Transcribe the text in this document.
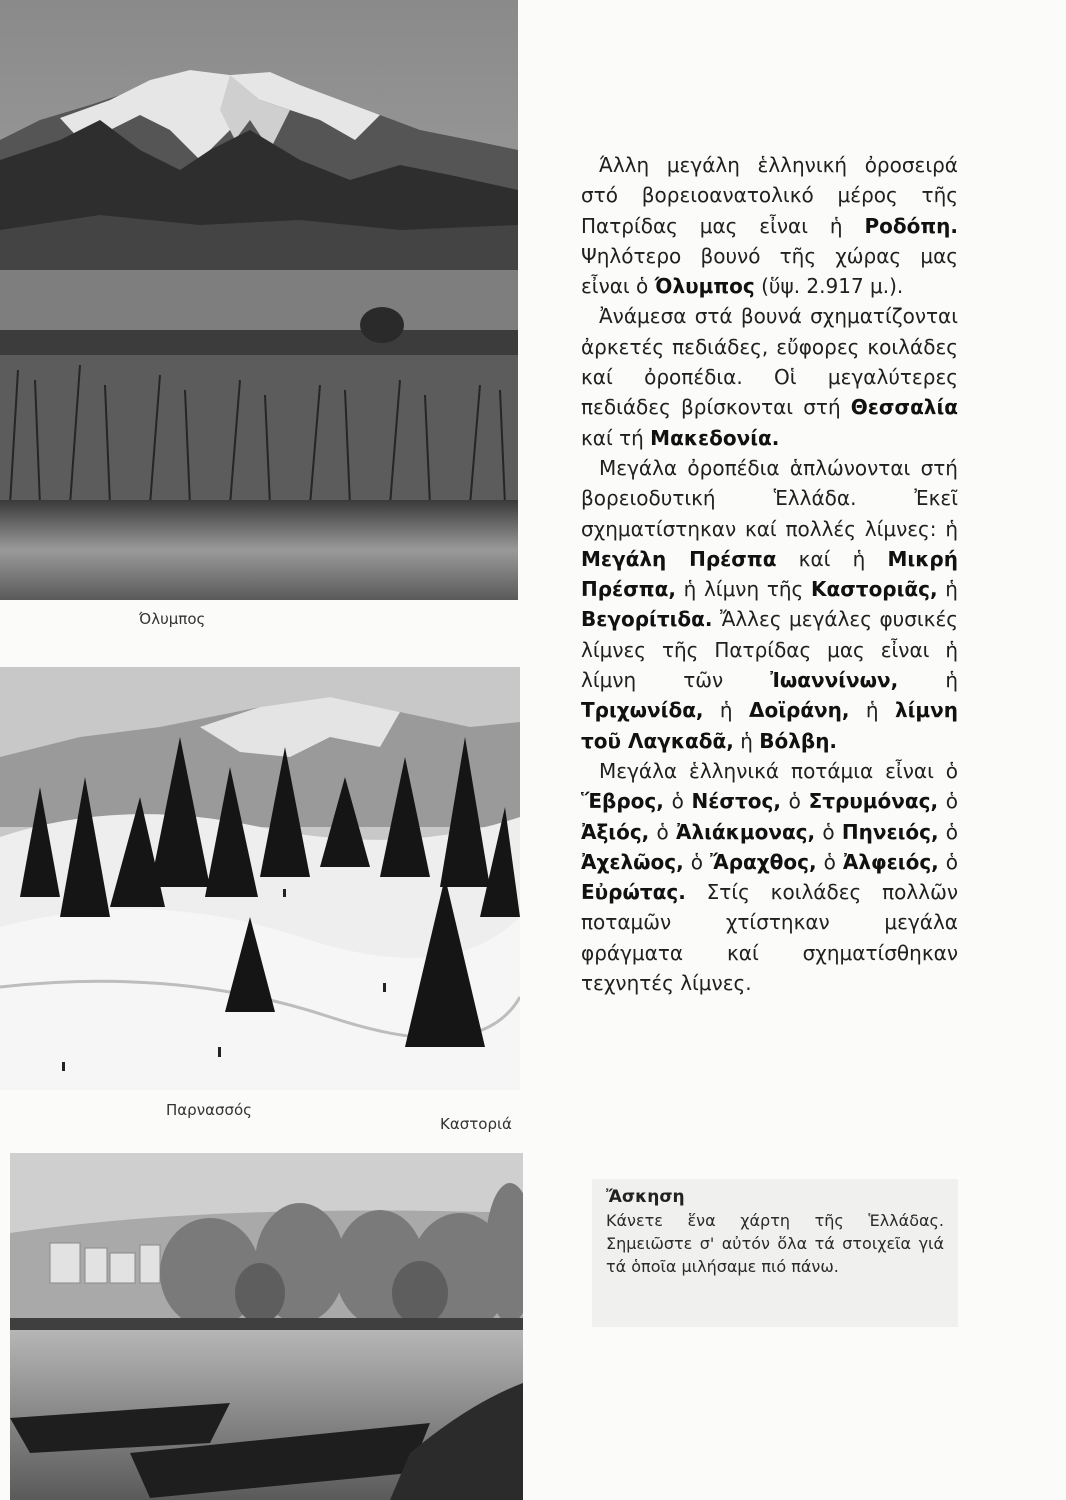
Όλυμπος
Παρνασσός
Καστοριά

Άλλη μεγάλη ἑλληνική ὀροσειρά στό βορειοανατολικό μέρος τῆς Πατρίδας μας εἶναι ἡ Ροδόπη. Ψηλότερο βουνό τῆς χώρας μας εἶναι ὁ Όλυμπος (ὕψ. 2.917 μ.).

Ἀνάμεσα στά βουνά σχηματίζονται ἀρκετές πεδιάδες, εὔφορες κοιλάδες καί ὀροπέδια. Οἱ μεγαλύτερες πεδιάδες βρίσκονται στή Θεσσαλία καί τή Μακεδονία.

Μεγάλα ὀροπέδια ἁπλώνονται στή βορειοδυτική Ἑλλάδα. Ἐκεῖ σχηματίστηκαν καί πολλές λίμνες: ἡ Μεγάλη Πρέσπα καί ἡ Μικρή Πρέσπα, ἡ λίμνη τῆς Καστοριᾶς, ἡ Βεγορίτιδα. Ἄλλες μεγάλες φυσικές λίμνες τῆς Πατρίδας μας εἶναι ἡ λίμνη τῶν Ἰωαννίνων, ἡ Τριχωνίδα, ἡ Δοϊράνη, ἡ λίμνη τοῦ Λαγκαδᾶ, ἡ Βόλβη.

Μεγάλα ἑλληνικά ποτάμια εἶναι ὁ Ἕβρος, ὁ Νέστος, ὁ Στρυμόνας, ὁ Ἀξιός, ὁ Ἀλιάκμονας, ὁ Πηνειός, ὁ Ἀχελῶος, ὁ Ἄραχθος, ὁ Ἀλφειός, ὁ Εὐρώτας. Στίς κοιλάδες πολλῶν ποταμῶν χτίστηκαν μεγάλα φράγματα καί σχηματίσθηκαν τεχνητές λίμνες.

Ἄσκηση
Κάνετε ἕνα χάρτη τῆς Ἑλλάδας. Σημειῶστε σ' αὐτόν ὅλα τά στοιχεῖα γιά τά ὁποῖα μιλήσαμε πιό πάνω.
